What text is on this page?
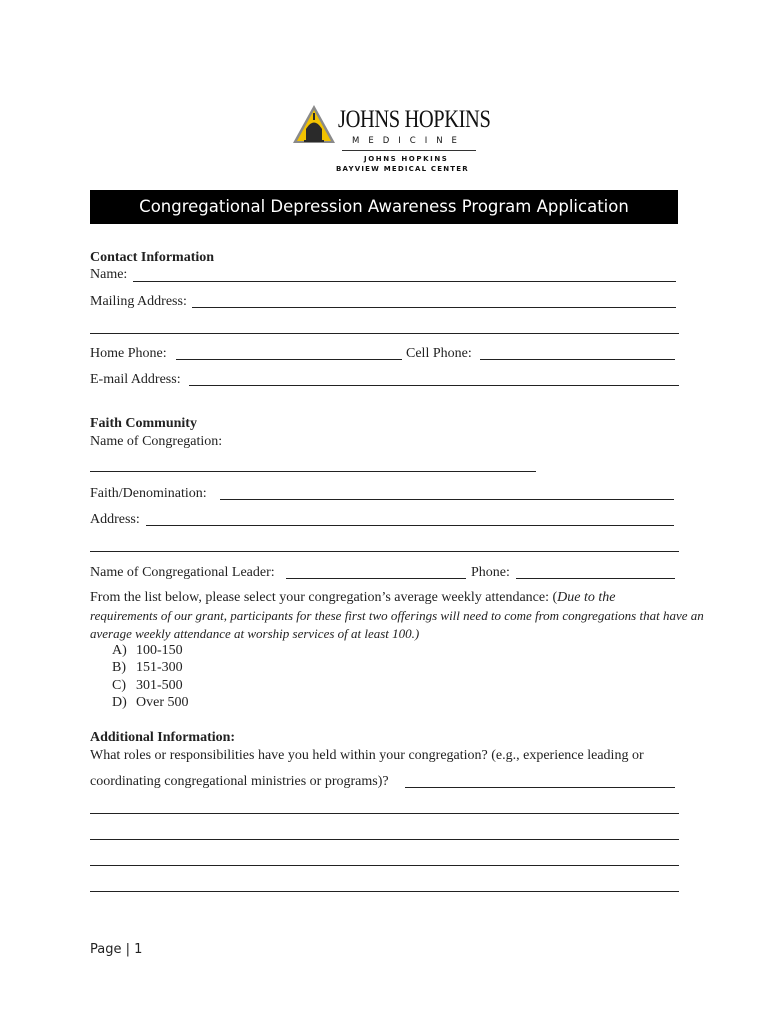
JOHNS HOPKINS
MEDICINE
JOHNS HOPKINS
BAYVIEW MEDICAL CENTER
Congregational Depression Awareness Program Application
Contact Information
Name:
Mailing Address:
Home Phone:	Cell Phone:
E-mail Address:
Faith Community
Name of Congregation:
Faith/Denomination:
Address:
Name of Congregational Leader:	Phone:
From the list below, please select your congregation’s average weekly attendance: (Due to the
requirements of our grant, participants for these first two offerings will need to come from congregations that have an
average weekly attendance at worship services of at least 100.)
A) 100-150
B) 151-300
C) 301-500
D) Over 500
Additional Information:
What roles or responsibilities have you held within your congregation? (e.g., experience leading or
coordinating congregational ministries or programs)?
Page | 1
